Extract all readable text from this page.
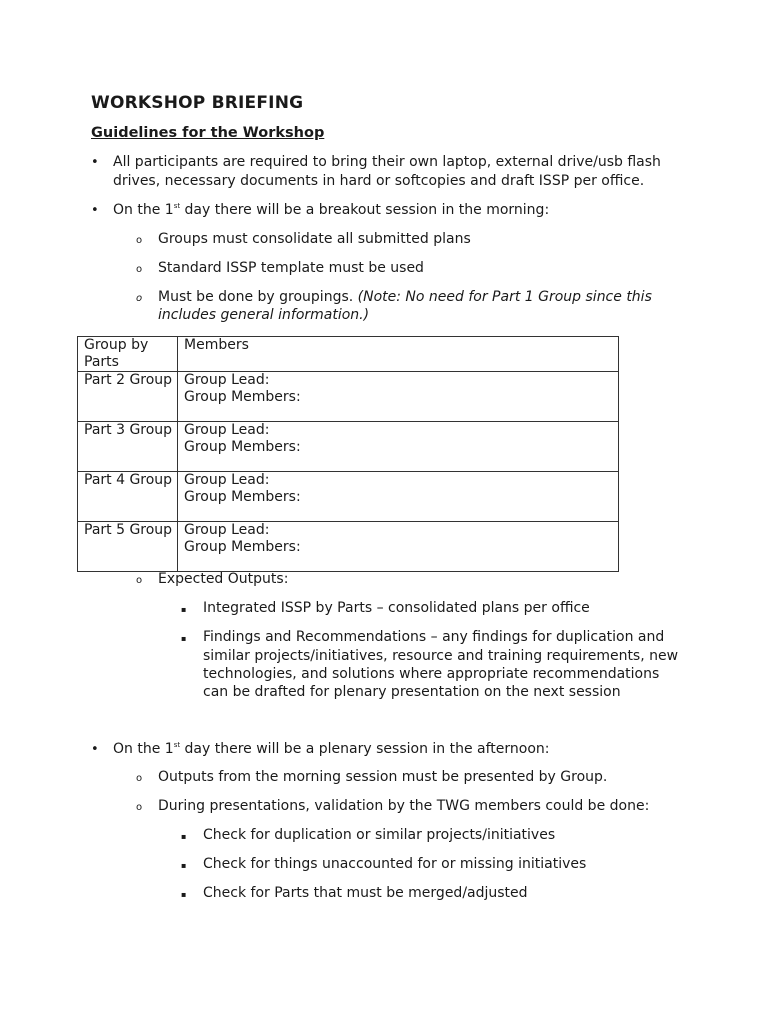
WORKSHOP BRIEFING
Guidelines for the Workshop
• All participants are required to bring their own laptop, external drive/usb flash
drives, necessary documents in hard or softcopies and draft ISSP per office.
• On the 1st day there will be a breakout session in the morning:
o Groups must consolidate all submitted plans
o Standard ISSP template must be used
o Must be done by groupings. (Note: No need for Part 1 Group since this
includes general information.)
Group by Parts	Members
Part 2 Group	Group Lead:
Group Members:

Part 3 Group	Group Lead:
Group Members:

Part 4 Group	Group Lead:
Group Members:

Part 5 Group	Group Lead:
Group Members:
o Expected Outputs:
▪ Integrated ISSP by Parts – consolidated plans per office
▪ Findings and Recommendations – any findings for duplication and
similar projects/initiatives, resource and training requirements, new
technologies, and solutions where appropriate recommendations
can be drafted for plenary presentation on the next session
• On the 1st day there will be a plenary session in the afternoon:
o Outputs from the morning session must be presented by Group.
o During presentations, validation by the TWG members could be done:
▪ Check for duplication or similar projects/initiatives
▪ Check for things unaccounted for or missing initiatives
▪ Check for Parts that must be merged/adjusted
